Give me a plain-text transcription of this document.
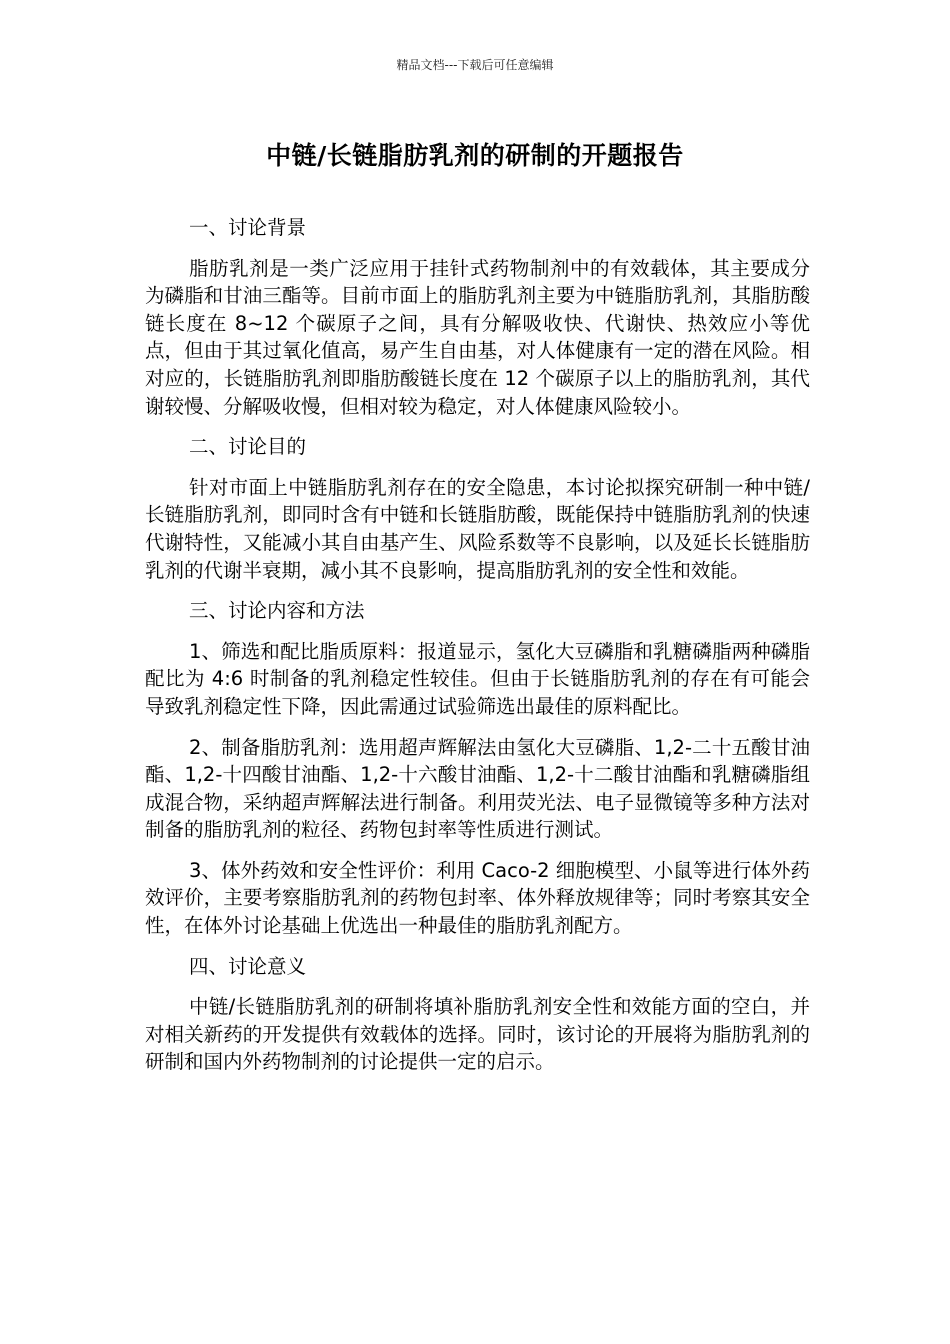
精品文档---下载后可任意编辑
中链/长链脂肪乳剂的研制的开题报告
一、讨论背景
脂肪乳剂是一类广泛应用于挂针式药物制剂中的有效载体，其主要成分为磷脂和甘油三酯等。目前市面上的脂肪乳剂主要为中链脂肪乳剂，其脂肪酸链长度在 8~12 个碳原子之间，具有分解吸收快、代谢快、热效应小等优点，但由于其过氧化值高，易产生自由基，对人体健康有一定的潜在风险。相对应的，长链脂肪乳剂即脂肪酸链长度在 12 个碳原子以上的脂肪乳剂，其代谢较慢、分解吸收慢，但相对较为稳定，对人体健康风险较小。
二、讨论目的
针对市面上中链脂肪乳剂存在的安全隐患，本讨论拟探究研制一种中链/长链脂肪乳剂，即同时含有中链和长链脂肪酸，既能保持中链脂肪乳剂的快速代谢特性，又能减小其自由基产生、风险系数等不良影响，以及延长长链脂肪乳剂的代谢半衰期，减小其不良影响，提高脂肪乳剂的安全性和效能。
三、讨论内容和方法
1、筛选和配比脂质原料：报道显示，氢化大豆磷脂和乳糖磷脂两种磷脂配比为 4:6 时制备的乳剂稳定性较佳。但由于长链脂肪乳剂的存在有可能会导致乳剂稳定性下降，因此需通过试验筛选出最佳的原料配比。
2、制备脂肪乳剂：选用超声辉解法由氢化大豆磷脂、1,2-二十五酸甘油酯、1,2-十四酸甘油酯、1,2-十六酸甘油酯、1,2-十二酸甘油酯和乳糖磷脂组成混合物，采纳超声辉解法进行制备。利用荧光法、电子显微镜等多种方法对制备的脂肪乳剂的粒径、药物包封率等性质进行测试。
3、体外药效和安全性评价：利用 Caco-2 细胞模型、小鼠等进行体外药效评价，主要考察脂肪乳剂的药物包封率、体外释放规律等；同时考察其安全性，在体外讨论基础上优选出一种最佳的脂肪乳剂配方。
四、讨论意义
中链/长链脂肪乳剂的研制将填补脂肪乳剂安全性和效能方面的空白，并对相关新药的开发提供有效载体的选择。同时，该讨论的开展将为脂肪乳剂的研制和国内外药物制剂的讨论提供一定的启示。
